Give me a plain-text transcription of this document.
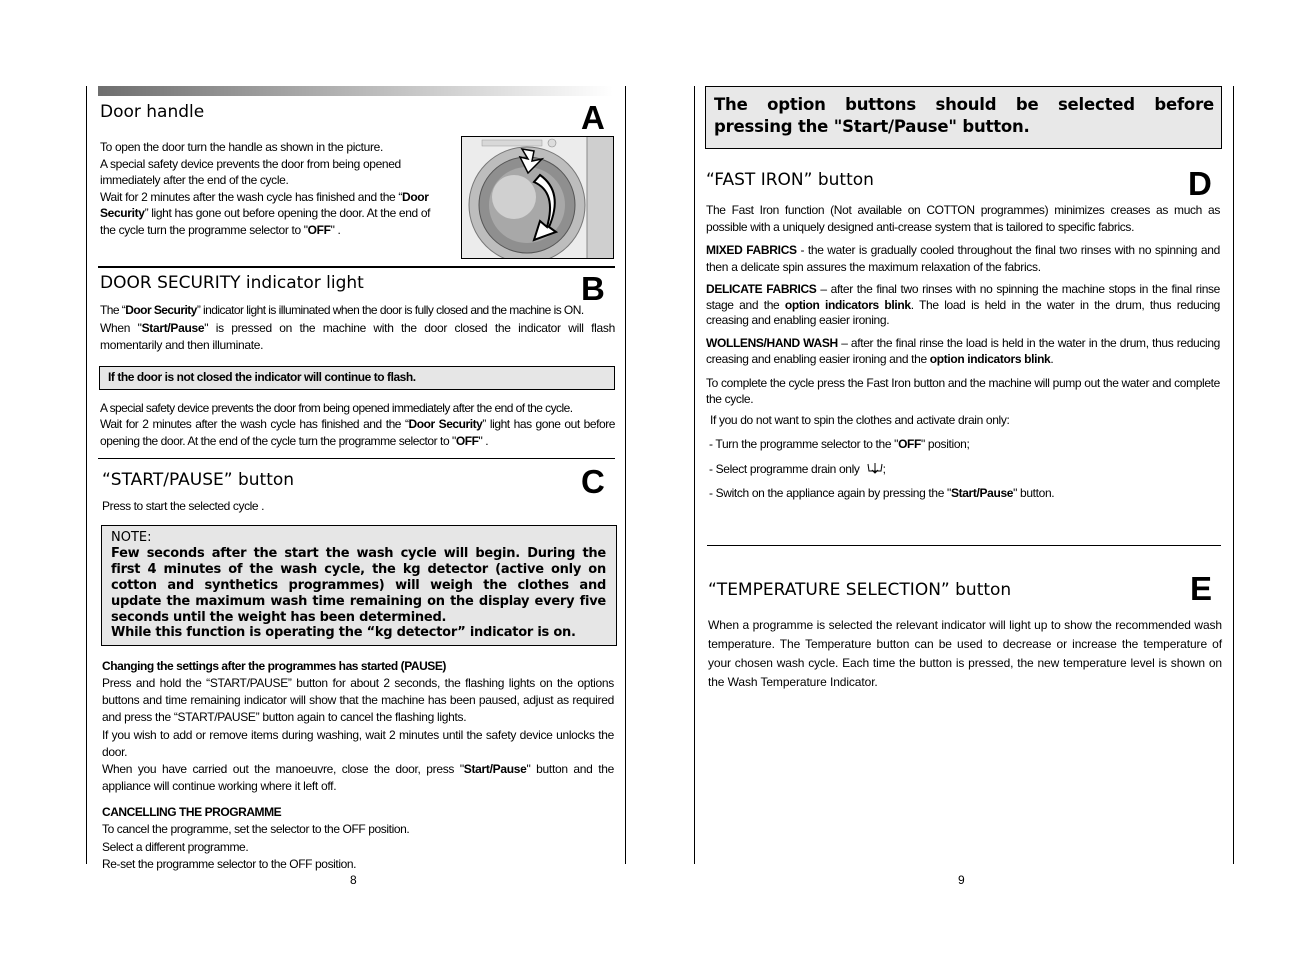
Door handle	A
To open the door turn the handle as shown in the picture.
A special safety device prevents the door from being opened
immediately after the end of the cycle.
Wait for 2 minutes after the wash cycle has finished and the “Door
Security” light has gone out before opening the door. At the end of
the cycle turn the programme selector to "OFF" .
DOOR SECURITY indicator light	B
The “Door Security” indicator light is illuminated when the door is fully closed and the machine is ON.
When "Start/Pause" is pressed on the machine with the door closed the indicator will flash momentarily and then illuminate.
If the door is not closed the indicator will continue to flash.
A special safety device prevents the door from being opened immediately after the end of the cycle.
Wait for 2 minutes after the wash cycle has finished and the “Door Security” light has gone out before opening the door. At the end of the cycle turn the programme selector to "OFF" .
“START/PAUSE” button	C
Press to start the selected cycle .
NOTE:
Few seconds after the start the wash cycle will begin. During the first 4 minutes of the wash cycle, the kg detector (active only on cotton and synthetics programmes) will weigh the clothes and update the maximum wash time remaining on the display every five seconds until the weight has been determined.
While this function is operating the “kg detector” indicator is on.
Changing the settings after the programmes has started (PAUSE)
Press and hold the “START/PAUSE” button for about 2 seconds, the flashing lights on the options buttons and time remaining indicator will show that the machine has been paused, adjust as required and press the “START/PAUSE” button again to cancel the flashing lights.
If you wish to add or remove items during washing, wait 2 minutes until the safety device unlocks the door.
When you have carried out the manoeuvre, close the door, press "Start/Pause" button and the appliance will continue working where it left off.
CANCELLING THE PROGRAMME
To cancel the programme, set the selector to the OFF position.
Select a different programme.
Re-set the programme selector to the OFF position.
8
The option buttons should be selected before pressing the "Start/Pause" button.
“FAST IRON” button	D
The Fast Iron function (Not available on COTTON programmes) minimizes creases as much as possible with a uniquely designed anti-crease system that is tailored to specific fabrics.
MIXED FABRICS - the water is gradually cooled throughout the final two rinses with no spinning and then a delicate spin assures the maximum relaxation of the fabrics.
DELICATE FABRICS – after the final two rinses with no spinning the machine stops in the final rinse stage and the option indicators blink. The load is held in the water in the drum, thus reducing creasing and enabling easier ironing.
WOLLENS/HAND WASH – after the final rinse the load is held in the water in the drum, thus reducing creasing and enabling easier ironing and the option indicators blink.
To complete the cycle press the Fast Iron button and the machine will pump out the water and complete the cycle.
If you do not want to spin the clothes and activate drain only:
- Turn the programme selector to the "OFF" position;
- Select programme drain only ;
- Switch on the appliance again by pressing the "Start/Pause" button.
“TEMPERATURE SELECTION” button	E
When a programme is selected the relevant indicator will light up to show the recommended wash temperature. The Temperature button can be used to decrease or increase the temperature of your chosen wash cycle. Each time the button is pressed, the new temperature level is shown on the Wash Temperature Indicator.
9
